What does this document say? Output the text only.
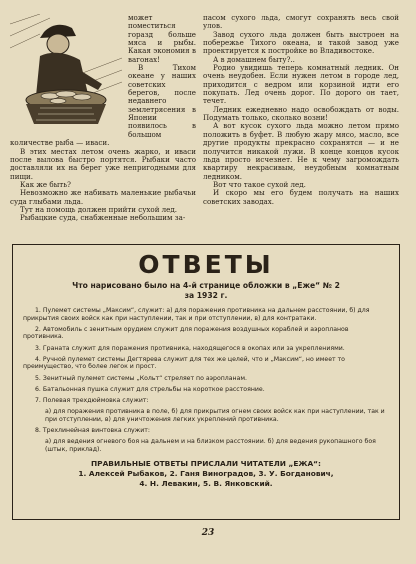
может поместиться горазд больше мяса и рыбы. Какая экономия в вагонах!

В Тихом океане у наших советских берегов, после недавнего землетрясения в Японии появилось в большом количестве рыба — иваси.

В этих местах летом очень жарко, и иваси после вылова быстро портятся. Рыбаки часто доставляли их на берег уже непригодными для пищи.

Как же быть?

Невозможно же набивать маленькие рыбачьи суда глыбами льда.

Тут на помощь должен прийти сухой лед.

Рыбацкие суда, снабженные небольшим за-

пасом сухого льда, смогут сохранять весь свой улов.

Завод сухого льда должен быть выстроен на побережье Тихого океана, и такой завод уже проектируется к постройке во Владивостоке.

А в домашнем быту?..

Родио увидишь теперь комнатный ледник. Он очень неудобен. Если нужен летом в городе лед, приходится с ведром или корзиной идти его покупать. Лед очень дорог. По дорого он тает, течет.

Ледник ежедневно надо освобождать от воды. Подумать только, сколько возни!

А вот кусок сухого льда можно летом прямо положить в буфет. В любую жару мясо, масло, все другие продукты прекрасно сохранятся — и не получится никакой лужи. В конце концов кусок льда просто исчезнет. Не к чему загромождать квартиру некрасивым, неудобным комнатным ледником.

Вот что такое сухой лед.

И скоро мы его будем получать на наших советских заводах.

ОТВЕТЫ
Что нарисовано было на 4-й странице обложки в „Еже“ № 2
за 1932 г.
1. Пулемет системы „Максим“, служит: а) для поражения противника на дальнем расстоянии, б) для прикрытия своих войск как при наступлении, так и при отступлении, в) для контратаки.
2. Автомобиль с зенитным орудием служит для поражения воздушных кораблей и аэропланов противника.
3. Граната служит для поражения противника, находящегося в окопах или за укреплениями.
4. Ручной пулемет системы Дегтярева служит для тех же целей, что и „Максим“, но имеет то преимущество, что более легок и прост.
5. Зенитный пулемет системы „Кольт“ стреляет по аэропланам.
6. Батальонная пушка служит для стрельбы на короткое расстояние.
7. Полевая трехдюймовка служит:
а) для поражения противника в поле, б) для прикрытия огнем своих войск как при наступлении, так и при отступлении, в) для уничтожения легких укреплений противника.
8. Трехлинейная винтовка служит:
а) для ведения огневого боя на дальнем и на близком расстоянии. б) для ведения рукопашного боя (штык, приклад).
ПРАВИЛЬНЫЕ ОТВЕТЫ ПРИСЛАЛИ ЧИТАТЕЛИ „ЕЖА“:
1. Алексей Рыбаков, 2. Ганя Виноградов, 3. У. Богданович,
4. Н. Левакин, 5. В. Янковский.
23
